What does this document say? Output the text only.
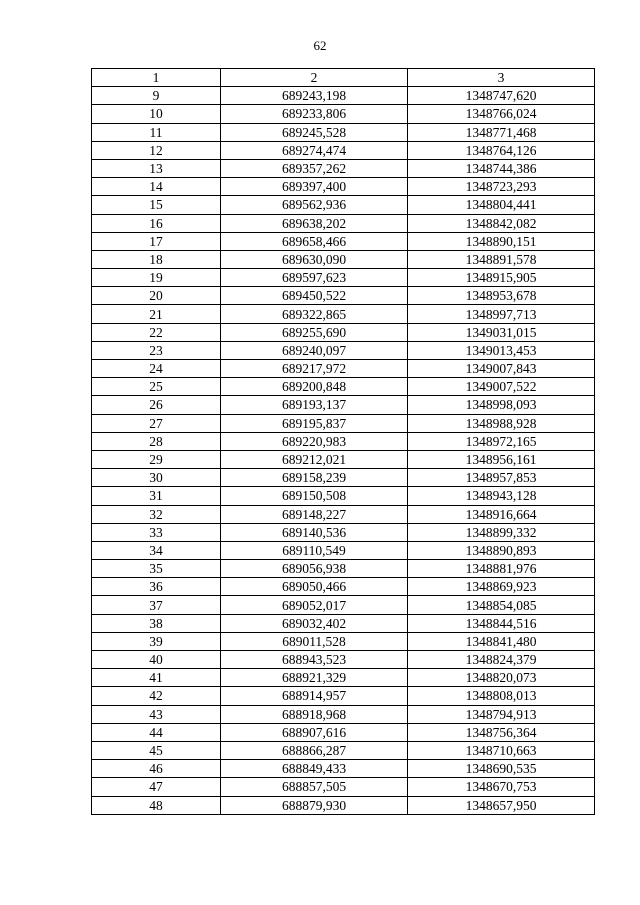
62
1	2	3
9	689243,198	1348747,620
10	689233,806	1348766,024
11	689245,528	1348771,468
12	689274,474	1348764,126
13	689357,262	1348744,386
14	689397,400	1348723,293
15	689562,936	1348804,441
16	689638,202	1348842,082
17	689658,466	1348890,151
18	689630,090	1348891,578
19	689597,623	1348915,905
20	689450,522	1348953,678
21	689322,865	1348997,713
22	689255,690	1349031,015
23	689240,097	1349013,453
24	689217,972	1349007,843
25	689200,848	1349007,522
26	689193,137	1348998,093
27	689195,837	1348988,928
28	689220,983	1348972,165
29	689212,021	1348956,161
30	689158,239	1348957,853
31	689150,508	1348943,128
32	689148,227	1348916,664
33	689140,536	1348899,332
34	689110,549	1348890,893
35	689056,938	1348881,976
36	689050,466	1348869,923
37	689052,017	1348854,085
38	689032,402	1348844,516
39	689011,528	1348841,480
40	688943,523	1348824,379
41	688921,329	1348820,073
42	688914,957	1348808,013
43	688918,968	1348794,913
44	688907,616	1348756,364
45	688866,287	1348710,663
46	688849,433	1348690,535
47	688857,505	1348670,753
48	688879,930	1348657,950
